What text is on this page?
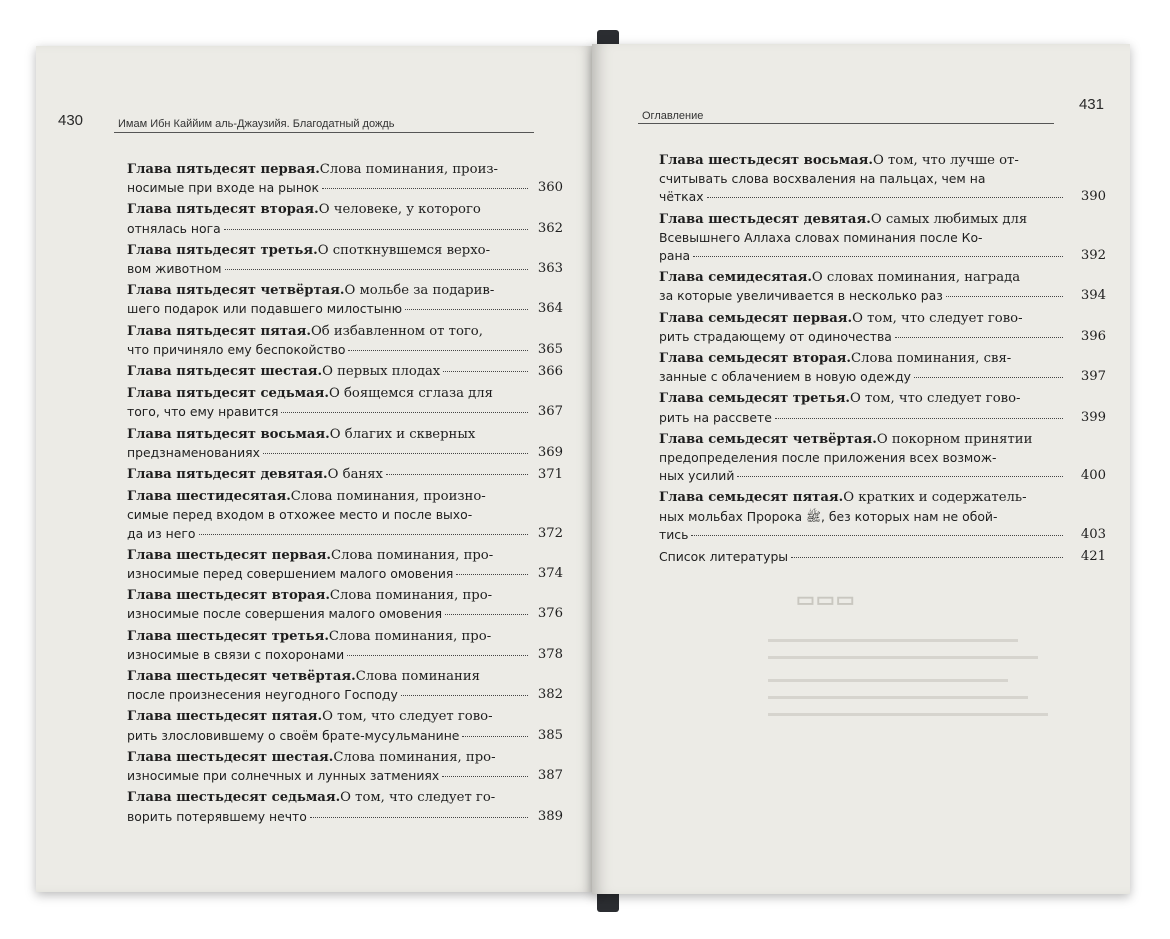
430	Имам Ибн Каййим аль-Джаузийя. Благодатный дождь
Глава пятьдесят первая. Слова поминания, произ-
носимые при входе на рынок	360
Глава пятьдесят вторая. О человеке, у которого
отнялась нога	362
Глава пятьдесят третья. О споткнувшемся верхо-
вом животном	363
Глава пятьдесят четвёртая. О мольбе за подарив-
шего подарок или подавшего милостыню	364
Глава пятьдесят пятая. Об избавленном от того,
что причиняло ему беспокойство	365
Глава пятьдесят шестая. О первых плодах	366
Глава пятьдесят седьмая. О боящемся сглаза для
того, что ему нравится	367
Глава пятьдесят восьмая. О благих и скверных
предзнаменованиях	369
Глава пятьдесят девятая. О банях	371
Глава шестидесятая. Слова поминания, произно-
симые перед входом в отхожее место и после выхо-
да из него	372
Глава шестьдесят первая. Слова поминания, про-
износимые перед совершением малого омовения	374
Глава шестьдесят вторая. Слова поминания, про-
износимые после совершения малого омовения	376
Глава шестьдесят третья. Слова поминания, про-
износимые в связи с похоронами	378
Глава шестьдесят четвёртая. Слова поминания
после произнесения неугодного Господу	382
Глава шестьдесят пятая. О том, что следует гово-
рить злословившему о своём брате-мусульманине	385
Глава шестьдесят шестая. Слова поминания, про-
износимые при солнечных и лунных затмениях	387
Глава шестьдесят седьмая. О том, что следует го-
ворить потерявшему нечто	389
431
Оглавление
Глава шестьдесят восьмая. О том, что лучше от-
считывать слова восхваления на пальцах, чем на
чётках	390
Глава шестьдесят девятая. О самых любимых для
Всевышнего Аллаха словах поминания после Ко-
рана	392
Глава семидесятая. О словах поминания, награда
за которые увеличивается в несколько раз	394
Глава семьдесят первая. О том, что следует гово-
рить страдающему от одиночества	396
Глава семьдесят вторая. Слова поминания, свя-
занные с облачением в новую одежду	397
Глава семьдесят третья. О том, что следует гово-
рить на рассвете	399
Глава семьдесят четвёртая. О покорном принятии
предопределения после приложения всех возмож-
ных усилий	400
Глава семьдесят пятая. О кратких и содержатель-
ных мольбах Пророка ﷺ, без которых нам не обой-
тись	403
Список литературы	421
▭▭▭
